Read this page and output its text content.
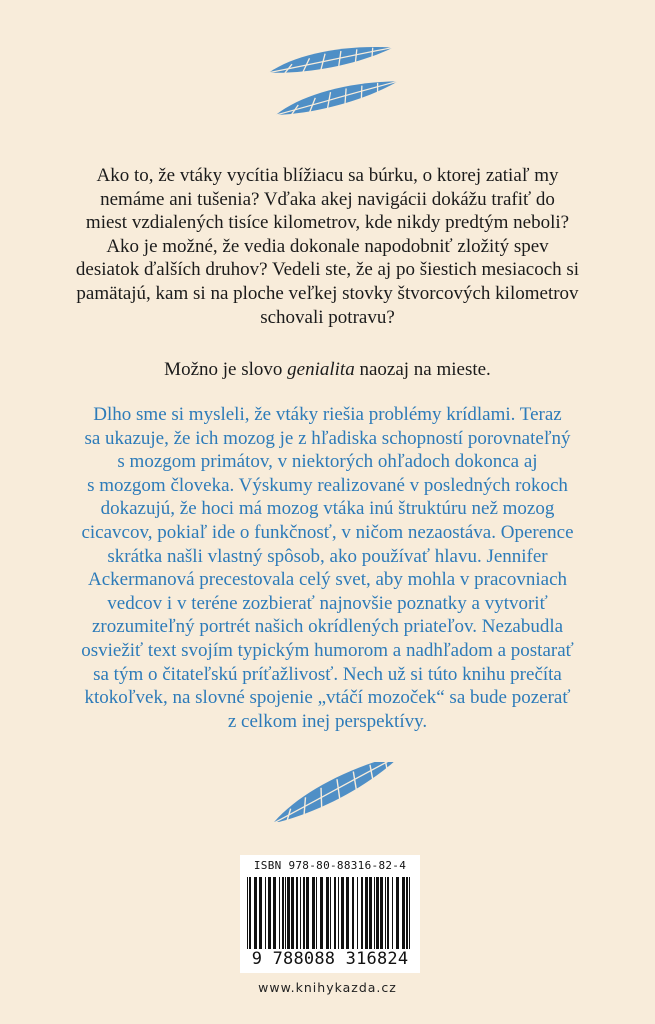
Ako to, že vtáky vycítia blížiacu sa búrku, o ktorej zatiaľ my
nemáme ani tušenia? Vďaka akej navigácii dokážu trafiť do
miest vzdialených tisíce kilometrov, kde nikdy predtým neboli?
Ako je možné, že vedia dokonale napodobniť zložitý spev
desiatok ďalších druhov? Vedeli ste, že aj po šiestich mesiacoch si
pamätajú, kam si na ploche veľkej stovky štvorcových kilometrov
schovali potravu?

Možno je slovo genialita naozaj na mieste.

Dlho sme si mysleli, že vtáky riešia problémy krídlami. Teraz
sa ukazuje, že ich mozog je z hľadiska schopností porovnateľný
s mozgom primátov, v niektorých ohľadoch dokonca aj
s mozgom človeka. Výskumy realizované v posledných rokoch
dokazujú, že hoci má mozog vtáka inú štruktúru než mozog
cicavcov, pokiaľ ide o funkčnosť, v ničom nezaostáva. Operence
skrátka našli vlastný spôsob, ako používať hlavu. Jennifer
Ackermanová precestovala celý svet, aby mohla v pracovniach
vedcov i v teréne zozbierať najnovšie poznatky a vytvoriť
zrozumiteľný portrét našich okrídlených priateľov. Nezabudla
osviežiť text svojím typickým humorom a nadhľadom a postarať
sa tým o čitateľskú príťažlivosť. Nech už si túto knihu prečíta
ktokoľvek, na slovné spojenie „vtáčí mozoček“ sa bude pozerať
z celkom inej perspektívy.

ISBN 978-80-88316-82-4
9 788088 316824
www.knihykazda.cz
